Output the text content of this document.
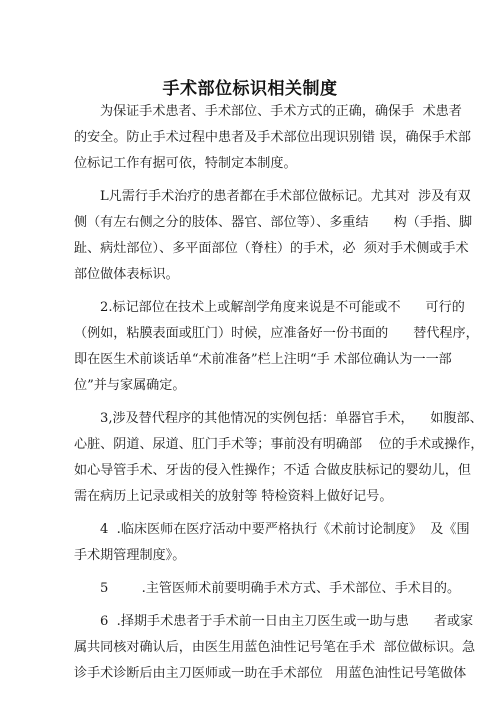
手术部位标识相关制度
为保证手术患者、手术部位、手术方式的正确，确保手  术患者
的安全。防止手术过程中患者及手术部位出现识别错 误，确保手术部
位标记工作有据可依，特制定本制度。
L凡需行手术治疗的患者都在手术部位做标记。尤其对  涉及有双
侧（有左右侧之分的肢体、器官、部位等）、多重结      构（手指、脚
趾、病灶部位）、多平面部位（脊柱）的手术，必  须对手术侧或手术
部位做体表标识。
2.标记部位在技术上或解剖学角度来说是不可能或不      可行的
（例如，粘膜表面或肛门）时候，应准备好一份书面的      替代程序，
即在医生术前谈话单“术前准备”栏上注明“手 术部位确认为一一部
位”并与家属确定。
3,涉及替代程序的其他情况的实例包括：单器官手术，    如腹部、
心脏、阴道、尿道、肛门手术等；事前没有明确部    位的手术或操作，
如心导管手术、牙齿的侵入性操作；不适 合做皮肤标记的婴幼儿，但
需在病历上记录或相关的放射等 特检资料上做好记号。
4  .临床医师在医疗活动中要严格执行《术前讨论制度》  及《围
手术期管理制度》。
5        .主管医师术前要明确手术方式、手术部位、手术目的。
6  .择期手术患者于手术前一日由主刀医生或一助与患      者或家
属共同核对确认后，由医生用蓝色油性记号笔在手术  部位做标识。急
诊手术诊断后由主刀医师或一助在手术部位   用蓝色油性记号笔做体
